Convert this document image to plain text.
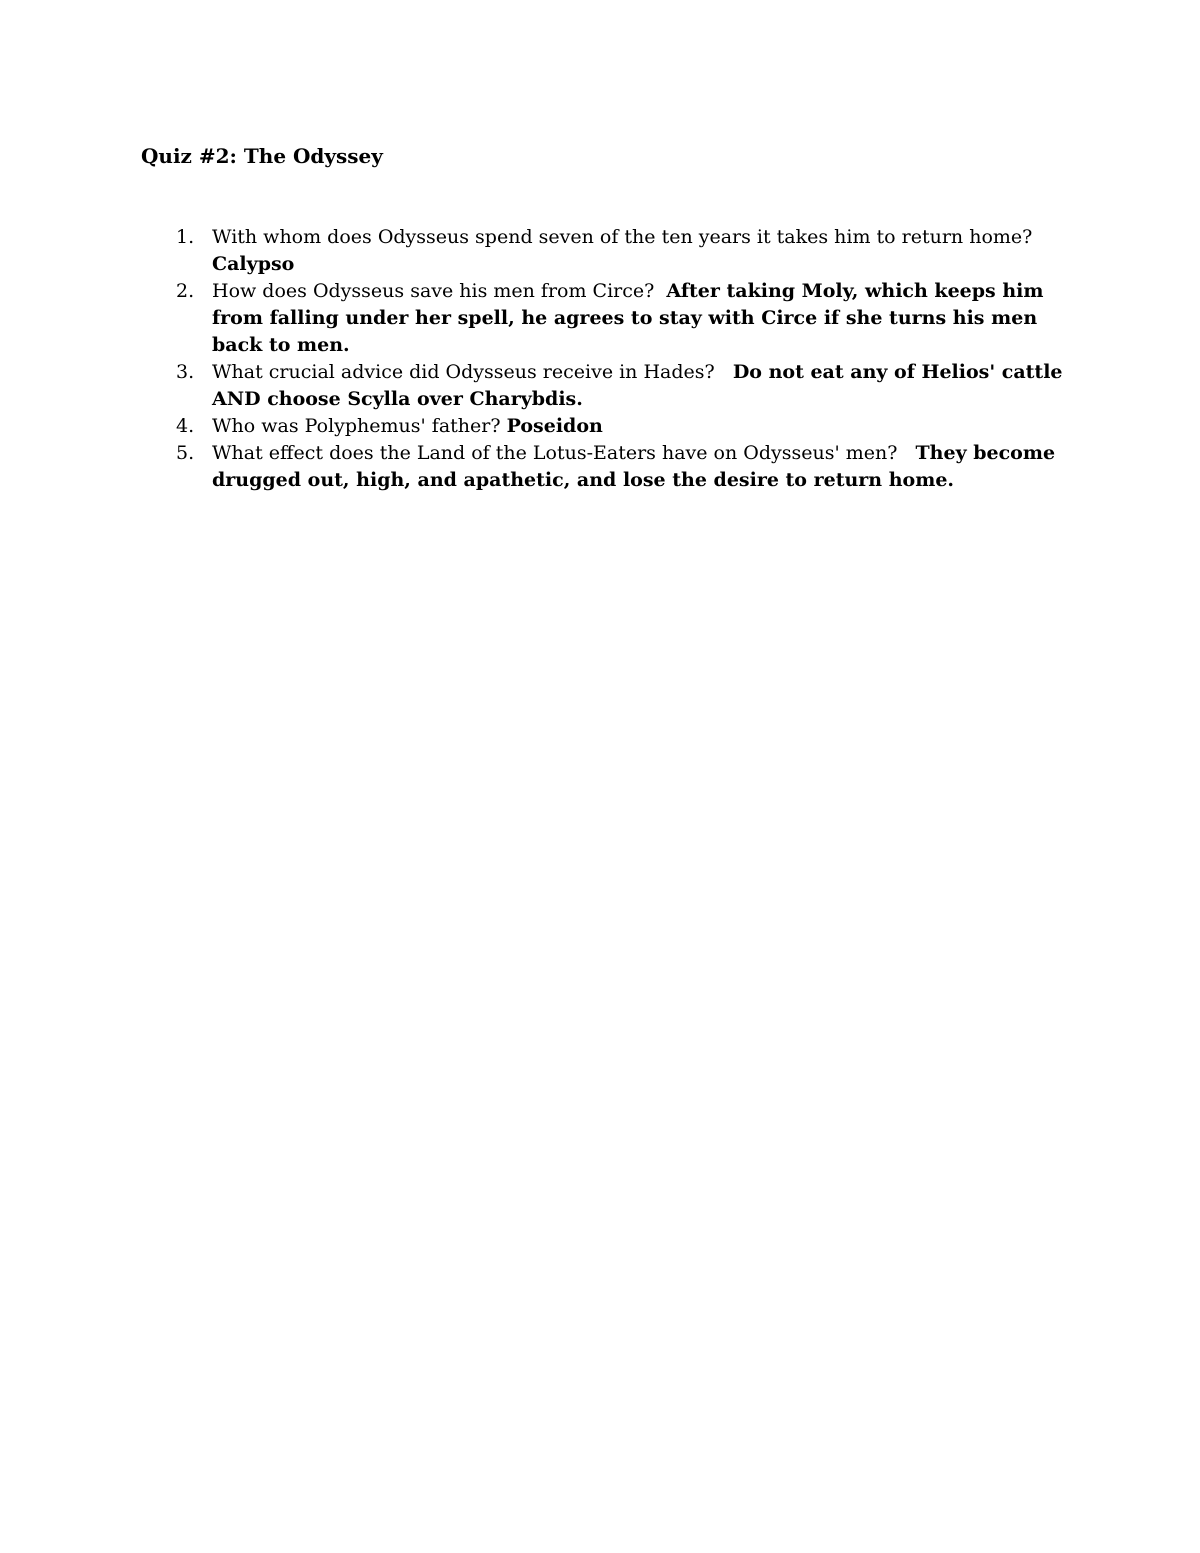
Quiz #2: The Odyssey
1. With whom does Odysseus spend seven of the ten years it takes him to return home?
Calypso
2. How does Odysseus save his men from Circe? After taking Moly, which keeps him from falling under her spell, he agrees to stay with Circe if she turns his men back to men.
3. What crucial advice did Odysseus receive in Hades? Do not eat any of Helios' cattle AND choose Scylla over Charybdis.
4. Who was Polyphemus' father? Poseidon
5. What effect does the Land of the Lotus-Eaters have on Odysseus' men? They become drugged out, high, and apathetic, and lose the desire to return home.
